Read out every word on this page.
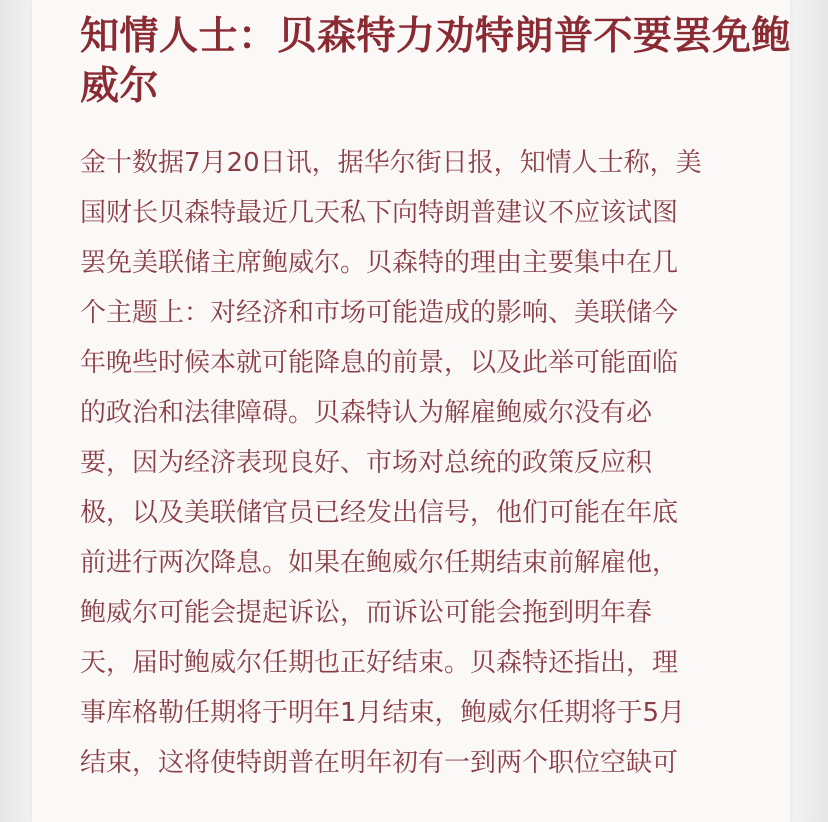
知情人士：贝森特力劝特朗普不要罢免鲍
威尔

金十数据7月20日讯，据华尔街日报，知情人士称，美
国财长贝森特最近几天私下向特朗普建议不应该试图
罢免美联储主席鲍威尔。贝森特的理由主要集中在几
个主题上：对经济和市场可能造成的影响、美联储今
年晚些时候本就可能降息的前景，以及此举可能面临
的政治和法律障碍。贝森特认为解雇鲍威尔没有必
要，因为经济表现良好、市场对总统的政策反应积
极，以及美联储官员已经发出信号，他们可能在年底
前进行两次降息。如果在鲍威尔任期结束前解雇他，
鲍威尔可能会提起诉讼，而诉讼可能会拖到明年春
天，届时鲍威尔任期也正好结束。贝森特还指出，理
事库格勒任期将于明年1月结束，鲍威尔任期将于5月
结束，这将使特朗普在明年初有一到两个职位空缺可
